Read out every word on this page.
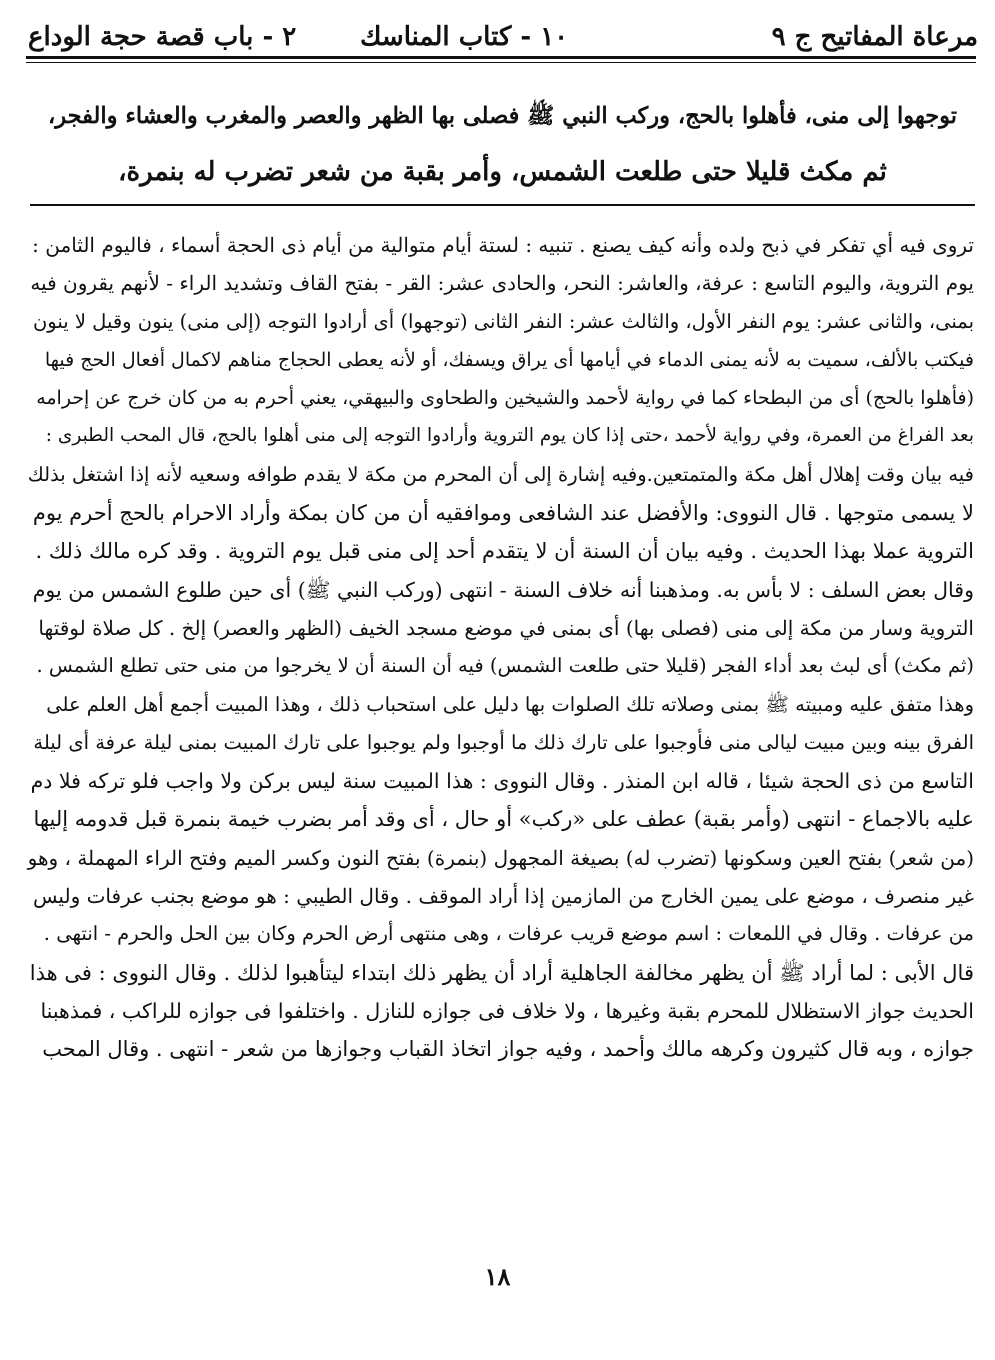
مرعاة المفاتيح ج ٩
١٠ - كتاب المناسك
٢ - باب قصة حجة الوداع
توجهوا إلى منى، فأهلوا بالحج، وركب النبي ﷺ فصلى بها الظهر والعصر والمغرب والعشاء والفجر،
ثم مكث قليلا حتى طلعت الشمس، وأمر بقبة من شعر تضرب له بنمرة،
تروى فيه أي تفكر في ذبح ولده وأنه كيف يصنع . تنبيه : لستة أيام متوالية من أيام ذى الحجة أسماء ، فاليوم الثامن :
يوم التروية، واليوم التاسع : عرفة، والعاشر: النحر، والحادى عشر: القر - بفتح القاف وتشديد الراء - لأنهم يقرون فيه
بمنى، والثانى عشر: يوم النفر الأول، والثالث عشر: النفر الثانى (توجهوا) أى أرادوا التوجه (إلى منى) ينون وقيل لا ينون
فيكتب بالألف، سميت به لأنه يمنى الدماء في أيامها أى يراق ويسفك، أو لأنه يعطى الحجاج مناهم لاكمال أفعال الحج فيها
(فأهلوا بالحج) أى من البطحاء كما في رواية لأحمد والشيخين والطحاوى والبيهقي، يعني أحرم به من كان خرج عن إحرامه
بعد الفراغ من العمرة، وفي رواية لأحمد ،حتى إذا كان يوم التروية وأرادوا التوجه إلى منى أهلوا بالحج، قال المحب الطبرى :
فيه بيان وقت إهلال أهل مكة والمتمتعين.وفيه إشارة إلى أن المحرم من مكة لا يقدم طوافه وسعيه لأنه إذا اشتغل بذلك
لا يسمى متوجها . قال النووى: والأفضل عند الشافعى وموافقيه أن من كان بمكة وأراد الاحرام بالحج أحرم يوم
التروية عملا بهذا الحديث . وفيه بيان أن السنة أن لا يتقدم أحد إلى منى قبل يوم التروية . وقد كره مالك ذلك .
وقال بعض السلف : لا بأس به. ومذهبنا أنه خلاف السنة - انتهى (وركب النبي ﷺ) أى حين طلوع الشمس من يوم
التروية وسار من مكة إلى منى (فصلى بها) أى بمنى في موضع مسجد الخيف (الظهر والعصر) إلخ . كل صلاة لوقتها
(ثم مكث) أى لبث بعد أداء الفجر (قليلا حتى طلعت الشمس) فيه أن السنة أن لا يخرجوا من منى حتى تطلع الشمس .
وهذا متفق عليه ومبيته ﷺ بمنى وصلاته تلك الصلوات بها دليل على استحباب ذلك ، وهذا المبيت أجمع أهل العلم على
الفرق بينه وبين مبيت ليالى منى فأوجبوا على تارك ذلك ما أوجبوا ولم يوجبوا على تارك المبيت بمنى ليلة عرفة أى ليلة
التاسع من ذى الحجة شيئا ، قاله ابن المنذر . وقال النووى : هذا المبيت سنة ليس بركن ولا واجب فلو تركه فلا دم
عليه بالاجماع - انتهى (وأمر بقبة) عطف على «ركب» أو حال ، أى وقد أمر بضرب خيمة بنمرة قبل قدومه إليها
(من شعر) بفتح العين وسكونها (تضرب له) بصيغة المجهول (بنمرة) بفتح النون وكسر الميم وفتح الراء المهملة ، وهو
غير منصرف ، موضع على يمين الخارج من المازمين إذا أراد الموقف . وقال الطيبي : هو موضع بجنب عرفات وليس
من عرفات . وقال في اللمعات : اسم موضع قريب عرفات ، وهى منتهى أرض الحرم وكان بين الحل والحرم - انتهى .
قال الأبى : لما أراد ﷺ أن يظهر مخالفة الجاهلية أراد أن يظهر ذلك ابتداء ليتأهبوا لذلك . وقال النووى : فى هذا
الحديث جواز الاستظلال للمحرم بقبة وغيرها ، ولا خلاف فى جوازه للنازل . واختلفوا فى جوازه للراكب ، فمذهبنا
جوازه ، وبه قال كثيرون وكرهه مالك وأحمد ، وفيه جواز اتخاذ القباب وجوازها من شعر - انتهى . وقال المحب
١٨
